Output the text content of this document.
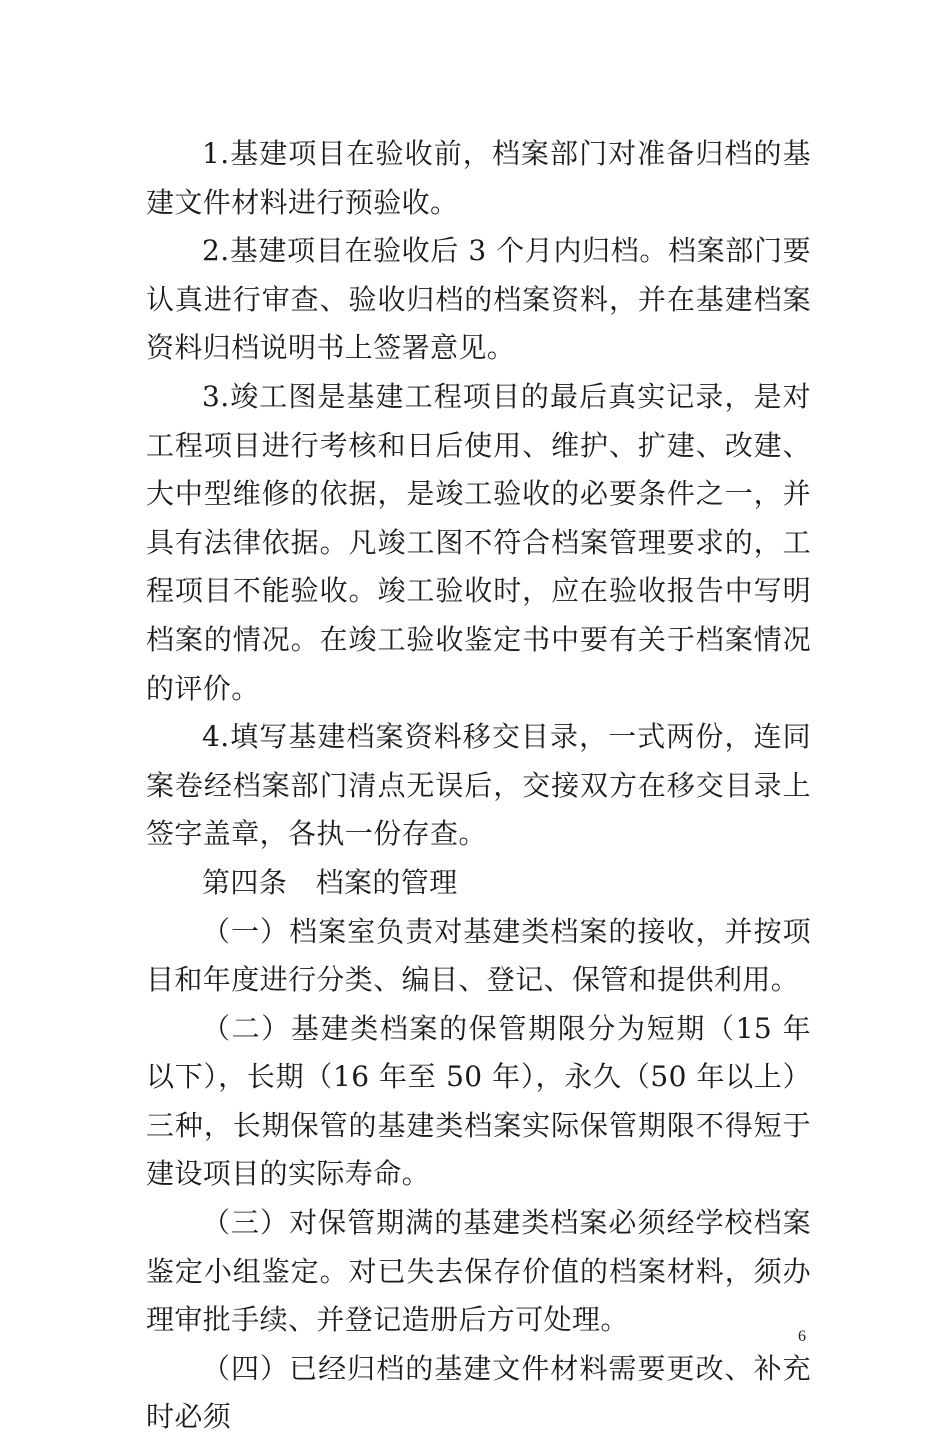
1.基建项目在验收前，档案部门对准备归档的基建文件材料进行预验收。

2.基建项目在验收后 3 个月内归档。档案部门要认真进行审查、验收归档的档案资料，并在基建档案资料归档说明书上签署意见。

3.竣工图是基建工程项目的最后真实记录，是对工程项目进行考核和日后使用、维护、扩建、改建、大中型维修的依据，是竣工验收的必要条件之一，并具有法律依据。凡竣工图不符合档案管理要求的，工程项目不能验收。竣工验收时，应在验收报告中写明档案的情况。在竣工验收鉴定书中要有关于档案情况的评价。

4.填写基建档案资料移交目录，一式两份，连同案卷经档案部门清点无误后，交接双方在移交目录上签字盖章，各执一份存查。

第四条　档案的管理

（一）档案室负责对基建类档案的接收，并按项目和年度进行分类、编目、登记、保管和提供利用。

（二）基建类档案的保管期限分为短期（15 年以下），长期（16 年至 50 年），永久（50 年以上）三种，长期保管的基建类档案实际保管期限不得短于建设项目的实际寿命。

（三）对保管期满的基建类档案必须经学校档案鉴定小组鉴定。对已失去保存价值的档案材料，须办理审批手续、并登记造册后方可处理。

（四）已经归档的基建文件材料需要更改、补充时必须

6
